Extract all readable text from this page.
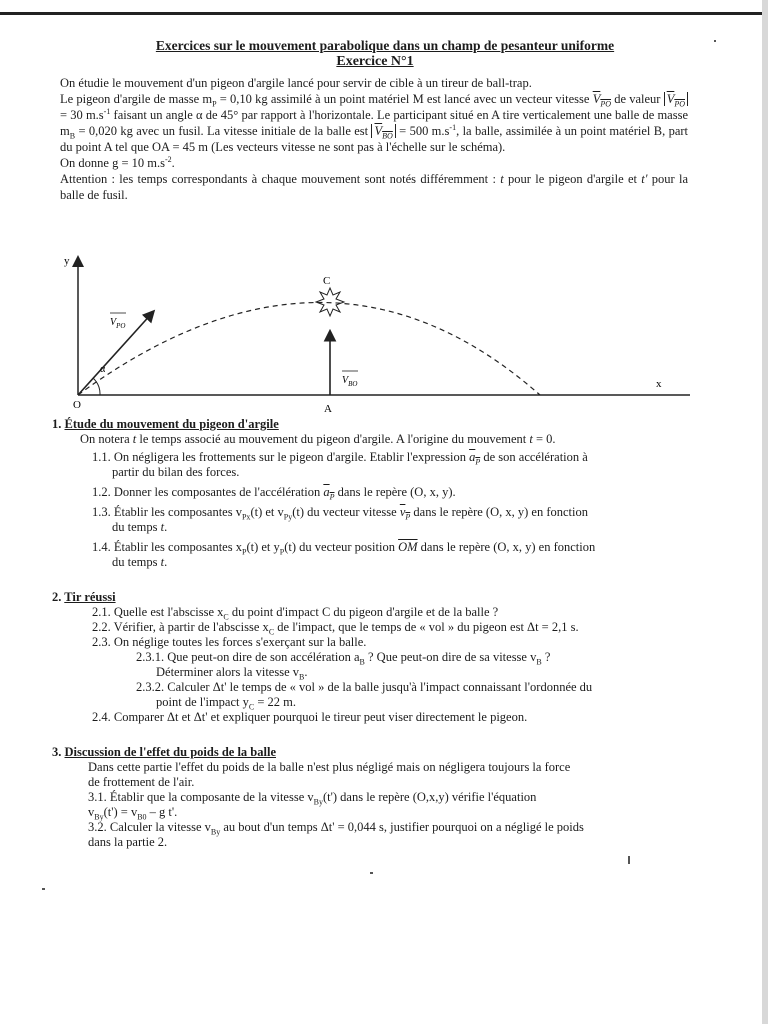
Exercices sur le mouvement parabolique dans un champ de pesanteur uniforme
Exercice N°1

On étudie le mouvement d'un pigeon d'argile lancé pour servir de cible à un tireur de ball-trap.

Le pigeon d'argile de masse $m_P = 0,10$ kg assimilé à un point matériel M est lancé avec un vecteur vitesse $V_{PO}$ de valeur $V_{PO} = 30$ $m.s^{-1}$ faisant un angle α de 45° par rapport à l'horizontale. Le participant situé en A tire verticalement une balle de masse $m_B = 0,020$ kg avec un fusil. La vitesse initiale de la balle est $V_{BO} = 500$ $m.s^{-1}$, la balle, assimilée à un point matériel B, part du point A tel que OA = 45 m (Les vecteurs vitesse ne sont pas à l'échelle sur le schéma).

On donne g = 10 $m.s^{-2}$.

Attention : les temps correspondants à chaque mouvement sont notés différemment : t pour le pigeon d'argile et t' pour la balle de fusil.

y
x
O	A
C
α
$V_{PO}$
$V_{BO}$

1. Étude du mouvement du pigeon d'argile

On notera t le temps associé au mouvement du pigeon d'argile. A l'origine du mouvement t = 0.

1.1. On négligera les frottements sur le pigeon d'argile. Etablir l'expression $a_P$ de son accélération à

partir du bilan des forces.

1.2. Donner les composantes de l'accélération $a_P$ dans le repère (O, x, y).

1.3. Établir les composantes $v_{Px}(t)$ et $v_{Py}(t)$ du vecteur vitesse $v_P$ dans le repère (O, x, y) en fonction

du temps t.

1.4. Établir les composantes $x_P(t)$ et $y_P(t)$ du vecteur position $\overline{OM}$ dans le repère (O, x, y) en fonction

du temps t.

2. Tir réussi

2.1. Quelle est l'abscisse $x_C$ du point d'impact C du pigeon d'argile et de la balle ?

2.2. Vérifier, à partir de l'abscisse $x_C$ de l'impact, que le temps de « vol » du pigeon est Δt = 2,1 s.

2.3. On néglige toutes les forces s'exerçant sur la balle.

2.3.1. Que peut-on dire de son accélération $a_B$ ? Que peut-on dire de sa vitesse $v_B$ ?

Déterminer alors la vitesse $v_B$.

2.3.2. Calculer Δt' le temps de « vol » de la balle jusqu'à l'impact connaissant l'ordonnée du

point de l'impact $y_C = 22$ m.

2.4. Comparer Δt et Δt' et expliquer pourquoi le tireur peut viser directement le pigeon.

3. Discussion de l'effet du poids de la balle

Dans cette partie l'effet du poids de la balle n'est plus négligé mais on négligera toujours la force

de frottement de l'air.

3.1. Établir que la composante de la vitesse $v_{By}(t')$ dans le repère (O,x,y) vérifie l'équation

$v_{By}(t') = v_{B0} - g$ t'.

3.2. Calculer la vitesse $v_{By}$ au bout d'un temps Δt' = 0,044 s, justifier pourquoi on a négligé le poids

dans la partie 2.
